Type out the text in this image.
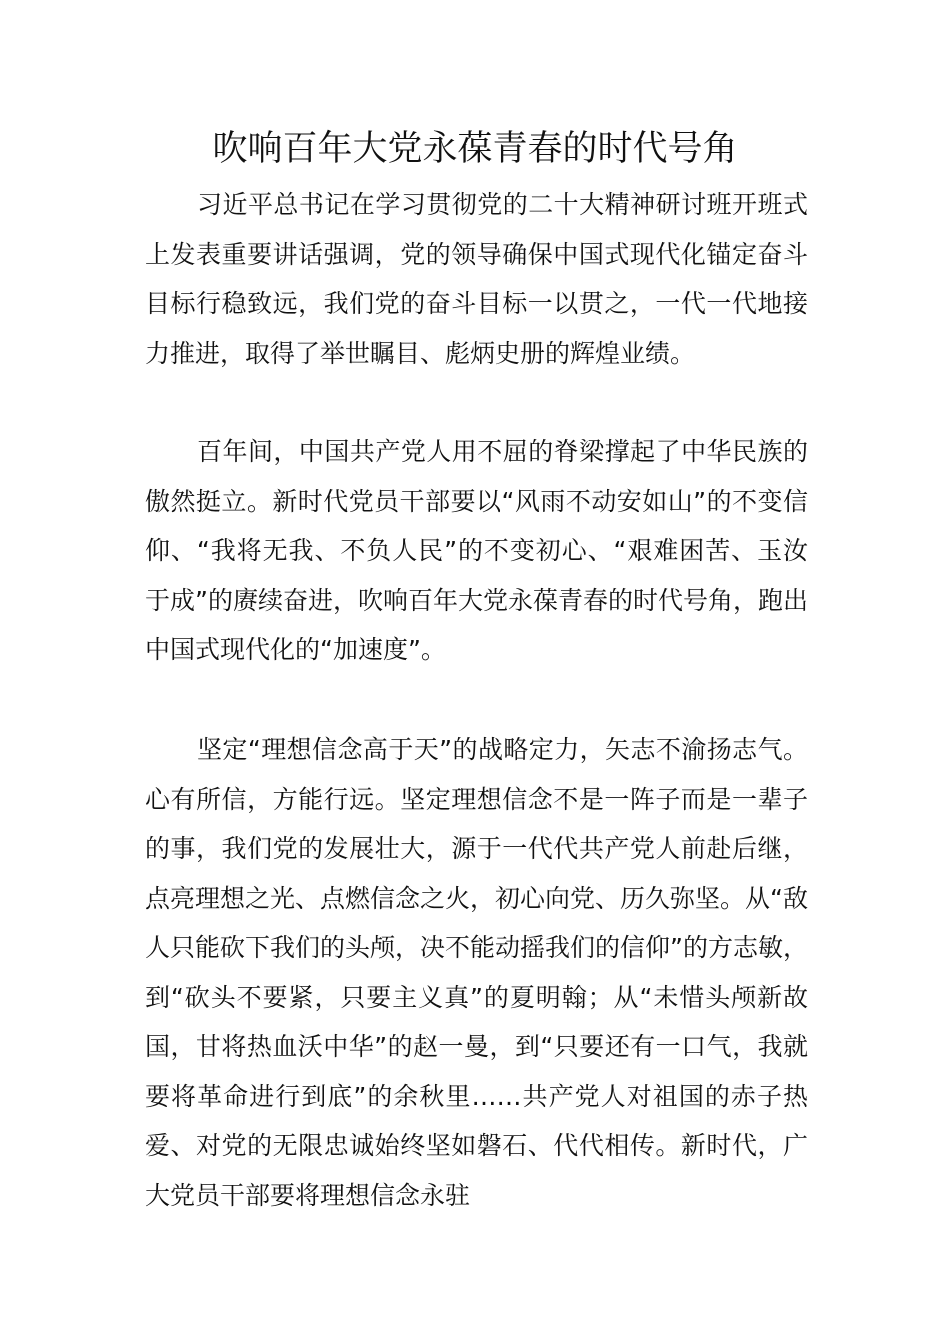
吹响百年大党永葆青春的时代号角

习近平总书记在学习贯彻党的二十大精神研讨班开班式上发表重要讲话强调，党的领导确保中国式现代化锚定奋斗目标行稳致远，我们党的奋斗目标一以贯之，一代一代地接力推进，取得了举世瞩目、彪炳史册的辉煌业绩。

百年间，中国共产党人用不屈的脊梁撑起了中华民族的傲然挺立。新时代党员干部要以“风雨不动安如山”的不变信仰、“我将无我、不负人民”的不变初心、“艰难困苦、玉汝于成”的赓续奋进，吹响百年大党永葆青春的时代号角，跑出中国式现代化的“加速度”。

坚定“理想信念高于天”的战略定力，矢志不渝扬志气。心有所信，方能行远。坚定理想信念不是一阵子而是一辈子的事，我们党的发展壮大，源于一代代共产党人前赴后继，点亮理想之光、点燃信念之火，初心向党、历久弥坚。从“敌人只能砍下我们的头颅，决不能动摇我们的信仰”的方志敏，到“砍头不要紧，只要主义真”的夏明翰；从“未惜头颅新故国，甘将热血沃中华”的赵一曼，到“只要还有一口气，我就要将革命进行到底”的余秋里……共产党人对祖国的赤子热爱、对党的无限忠诚始终坚如磐石、代代相传。新时代，广大党员干部要将理想信念永驻
